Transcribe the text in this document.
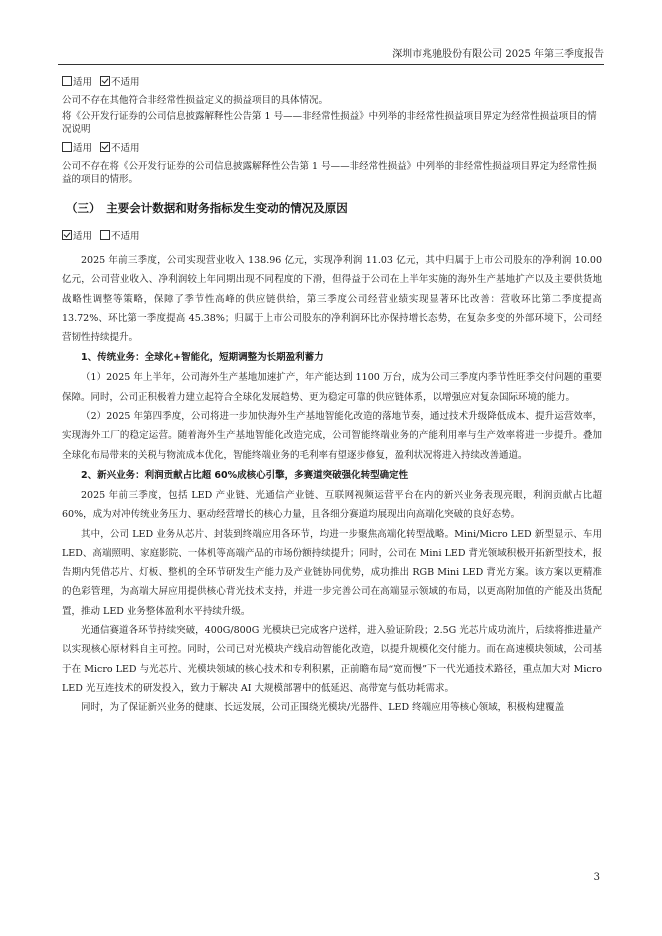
深圳市兆驰股份有限公司 2025 年第三季度报告
适用 不适用

公司不存在其他符合非经常性损益定义的损益项目的具体情况。

将《公开发行证券的公司信息披露解释性公告第 1 号——非经常性损益》中列举的非经常性损益项目界定为经常性损益项目的情况说明

适用 不适用

公司不存在将《公开发行证券的公司信息披露解释性公告第 1 号——非经常性损益》中列举的非经常性损益项目界定为经常性损益的项目的情形。

（三）　主要会计数据和财务指标发生变动的情况及原因
适用 不适用

2025 年前三季度，公司实现营业收入 138.96 亿元，实现净利润 11.03 亿元，其中归属于上市公司股东的净利润 10.00 亿元，公司营业收入、净利润较上年同期出现不同程度的下滑，但得益于公司在上半年实施的海外生产基地扩产以及主要供货地战略性调整等策略，保障了季节性高峰的供应链供给，第三季度公司经营业绩实现显著环比改善：营收环比第二季度提高 13.72%、环比第一季度提高 45.38%；归属于上市公司股东的净利润环比亦保持增长态势，在复杂多变的外部环境下，公司经营韧性持续提升。

1、传统业务：全球化+智能化，短期调整为长期盈利蓄力

（1）2025 年上半年，公司海外生产基地加速扩产，年产能达到 1100 万台，成为公司三季度内季节性旺季交付问题的重要保障。同时，公司正积极着力建立起符合全球化发展趋势、更为稳定可靠的供应链体系，以增强应对复杂国际环境的能力。

（2）2025 年第四季度，公司将进一步加快海外生产基地智能化改造的落地节奏，通过技术升级降低成本、提升运营效率，实现海外工厂的稳定运营。随着海外生产基地智能化改造完成，公司智能终端业务的产能利用率与生产效率将进一步提升。叠加全球化布局带来的关税与物流成本优化，智能终端业务的毛利率有望逐步修复，盈利状况将进入持续改善通道。

2、新兴业务：利润贡献占比超 60%成核心引擎，多赛道突破强化转型确定性

2025 年前三季度，包括 LED 产业链、光通信产业链、互联网视频运营平台在内的新兴业务表现亮眼，利润贡献占比超 60%，成为对冲传统业务压力、驱动经营增长的核心力量，且各细分赛道均展现出向高端化突破的良好态势。

其中，公司 LED 业务从芯片、封装到终端应用各环节，均进一步聚焦高端化转型战略。Mini/Micro LED 新型显示、车用 LED、高端照明、家庭影院、一体机等高端产品的市场份额持续提升；同时，公司在 Mini LED 背光领域积极开拓新型技术，报告期内凭借芯片、灯板、整机的全环节研发生产能力及产业链协同优势，成功推出 RGB Mini LED 背光方案。该方案以更精准的色彩管理，为高端大屏应用提供核心背光技术支持，并进一步完善公司在高端显示领域的布局，以更高附加值的产能及出货配置，推动 LED 业务整体盈利水平持续升级。

光通信赛道各环节持续突破，400G/800G 光模块已完成客户送样，进入验证阶段；2.5G 光芯片成功流片，后续将推进量产以实现核心原材料自主可控。同时，公司已对光模块产线启动智能化改造，以提升规模化交付能力。而在高速模块领域，公司基于在 Micro LED 与光芯片、光模块领域的核心技术和专利积累，正前瞻布局“宽而慢”下一代光通技术路径，重点加大对 Micro LED 光互连技术的研发投入，致力于解决 AI 大规模部署中的低延迟、高带宽与低功耗需求。

同时，为了保证新兴业务的健康、长远发展，公司正围绕光模块/光器件、LED 终端应用等核心领域，积极构建覆盖

3
